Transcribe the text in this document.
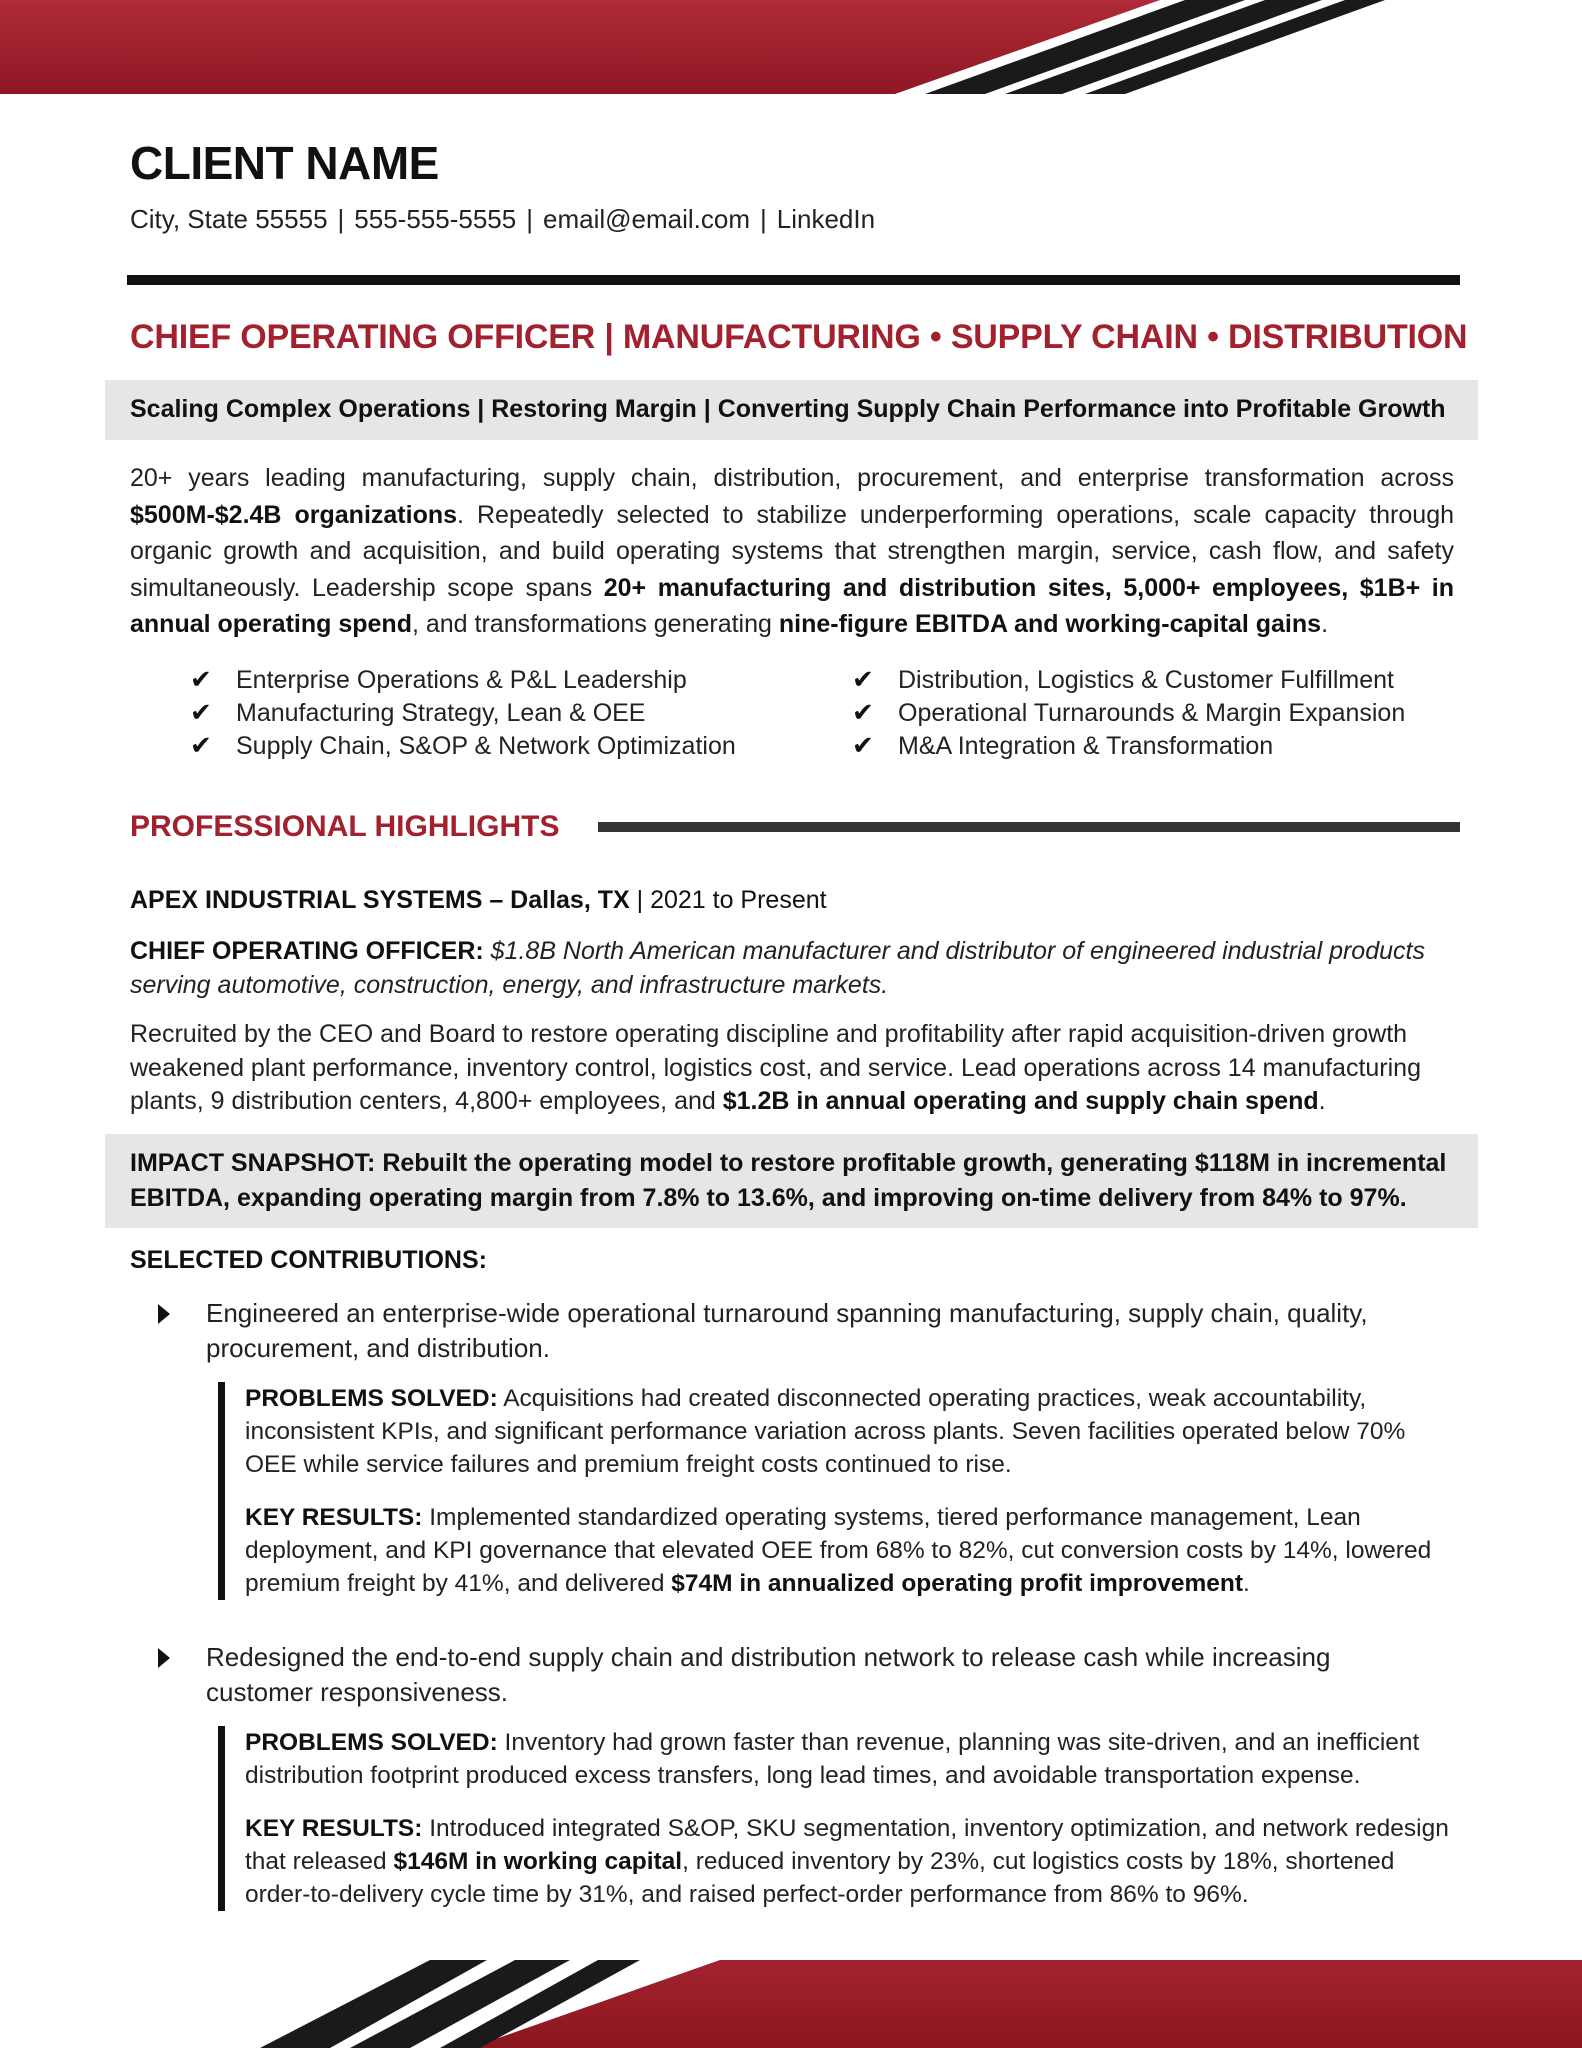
CLIENT NAME
City, State 55555 | 555-555-5555 | email@email.com | LinkedIn
CHIEF OPERATING OFFICER | MANUFACTURING • SUPPLY CHAIN • DISTRIBUTION
Scaling Complex Operations | Restoring Margin | Converting Supply Chain Performance into Profitable Growth
20+ years leading manufacturing, supply chain, distribution, procurement, and enterprise transformation across $500M-$2.4B organizations. Repeatedly selected to stabilize underperforming operations, scale capacity through organic growth and acquisition, and build operating systems that strengthen margin, service, cash flow, and safety simultaneously. Leadership scope spans 20+ manufacturing and distribution sites, 5,000+ employees, $1B+ in annual operating spend, and transformations generating nine-figure EBITDA and working-capital gains.
✔ Enterprise Operations & P&L Leadership
✔ Manufacturing Strategy, Lean & OEE
✔ Supply Chain, S&OP & Network Optimization
✔ Distribution, Logistics & Customer Fulfillment
✔ Operational Turnarounds & Margin Expansion
✔ M&A Integration & Transformation
PROFESSIONAL HIGHLIGHTS
APEX INDUSTRIAL SYSTEMS – Dallas, TX | 2021 to Present
CHIEF OPERATING OFFICER: $1.8B North American manufacturer and distributor of engineered industrial products serving automotive, construction, energy, and infrastructure markets.
Recruited by the CEO and Board to restore operating discipline and profitability after rapid acquisition-driven growth weakened plant performance, inventory control, logistics cost, and service. Lead operations across 14 manufacturing plants, 9 distribution centers, 4,800+ employees, and $1.2B in annual operating and supply chain spend.
IMPACT SNAPSHOT: Rebuilt the operating model to restore profitable growth, generating $118M in incremental EBITDA, expanding operating margin from 7.8% to 13.6%, and improving on-time delivery from 84% to 97%.
SELECTED CONTRIBUTIONS:
Engineered an enterprise-wide operational turnaround spanning manufacturing, supply chain, quality, procurement, and distribution.

PROBLEMS SOLVED: Acquisitions had created disconnected operating practices, weak accountability, inconsistent KPIs, and significant performance variation across plants. Seven facilities operated below 70% OEE while service failures and premium freight costs continued to rise.

KEY RESULTS: Implemented standardized operating systems, tiered performance management, Lean deployment, and KPI governance that elevated OEE from 68% to 82%, cut conversion costs by 14%, lowered premium freight by 41%, and delivered $74M in annualized operating profit improvement.

Redesigned the end-to-end supply chain and distribution network to release cash while increasing customer responsiveness.

PROBLEMS SOLVED: Inventory had grown faster than revenue, planning was site-driven, and an inefficient distribution footprint produced excess transfers, long lead times, and avoidable transportation expense.

KEY RESULTS: Introduced integrated S&OP, SKU segmentation, inventory optimization, and network redesign that released $146M in working capital, reduced inventory by 23%, cut logistics costs by 18%, shortened order-to-delivery cycle time by 31%, and raised perfect-order performance from 86% to 96%.
